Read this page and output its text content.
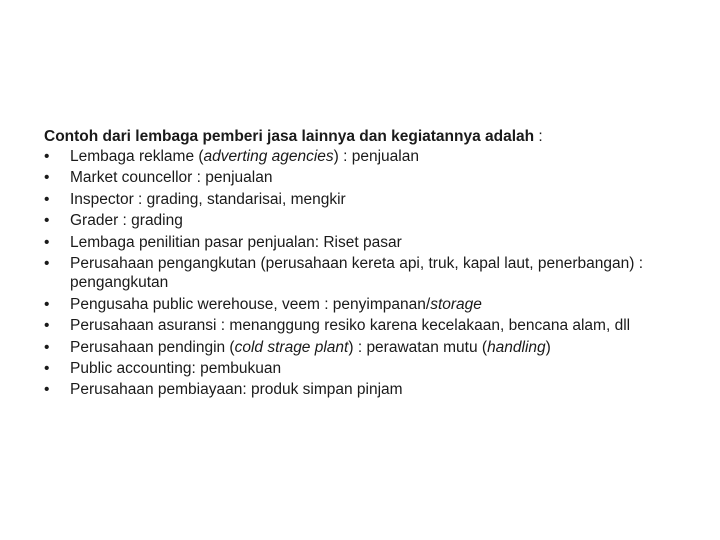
Contoh dari lembaga pemberi jasa lainnya dan kegiatannya adalah :

• Lembaga reklame (adverting agencies) : penjualan
• Market councellor : penjualan
• Inspector : grading, standarisai, mengkir
• Grader : grading
• Lembaga penilitian pasar penjualan: Riset pasar
• Perusahaan pengangkutan (perusahaan kereta api, truk, kapal laut, penerbangan) : pengangkutan
• Pengusaha public werehouse, veem : penyimpanan/storage
• Perusahaan asuransi : menanggung resiko karena kecelakaan, bencana alam, dll
• Perusahaan pendingin (cold strage plant) : perawatan mutu (handling)
• Public accounting: pembukuan
• Perusahaan pembiayaan: produk simpan pinjam
